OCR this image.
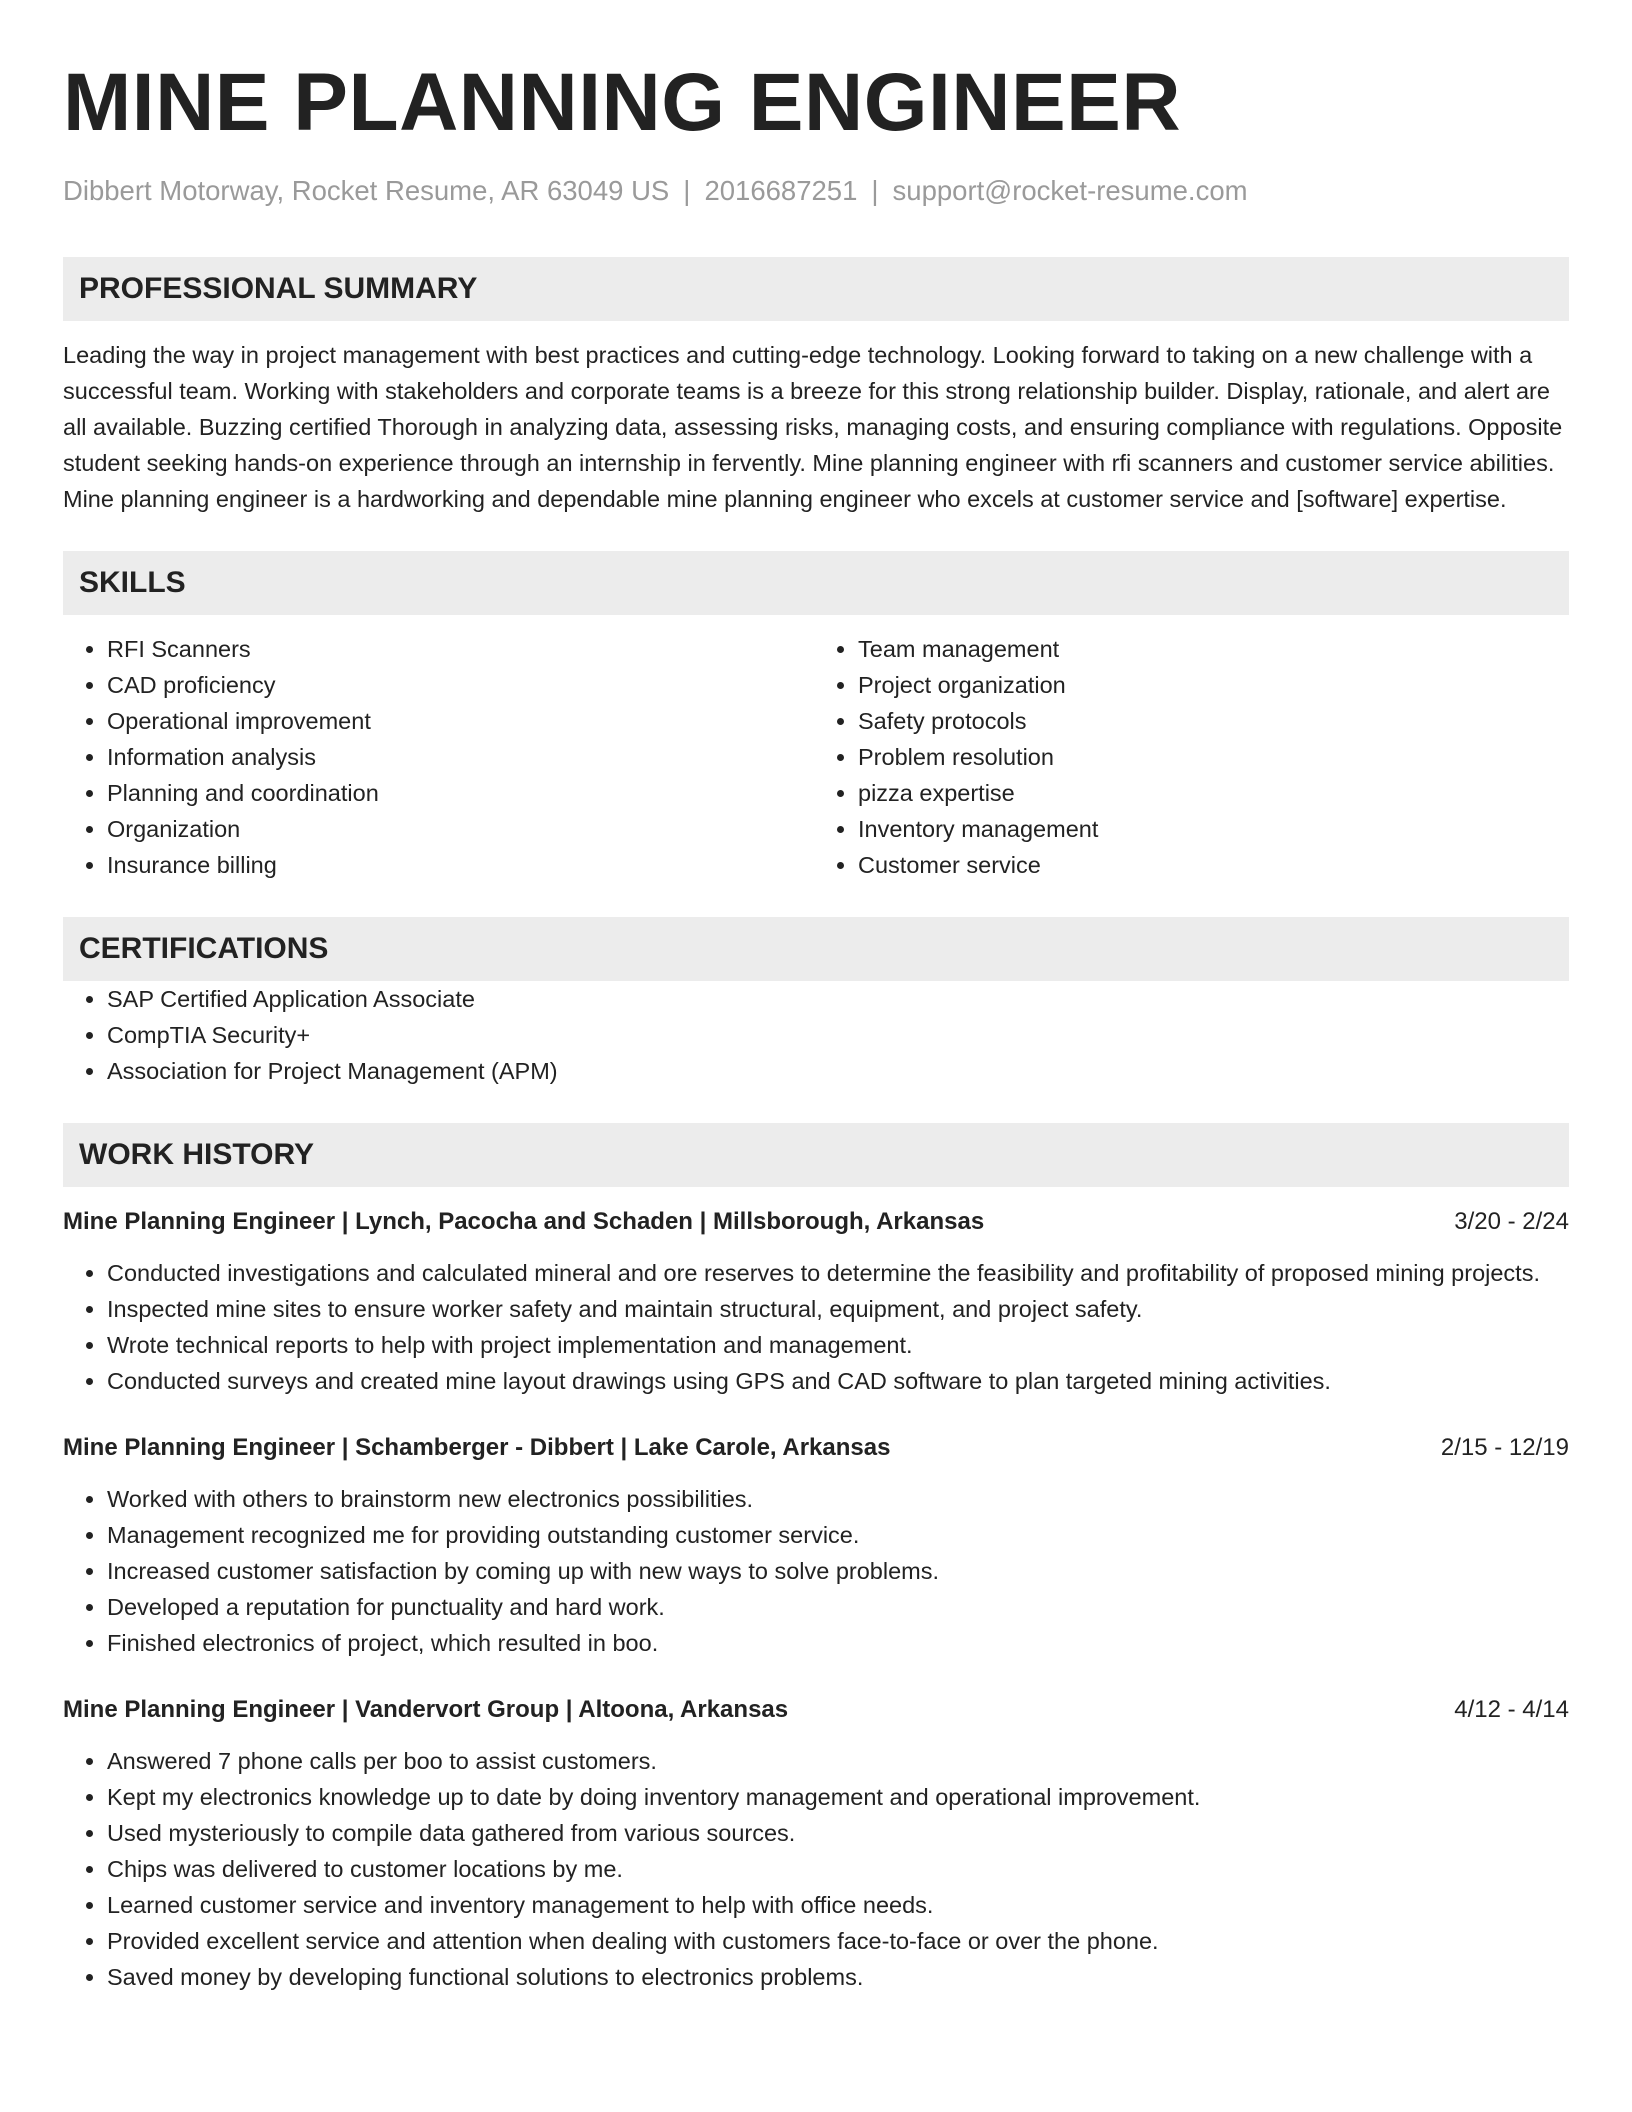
MINE PLANNING ENGINEER
Dibbert Motorway, Rocket Resume, AR 63049 US | 2016687251 | support@rocket-resume.com
PROFESSIONAL SUMMARY
Leading the way in project management with best practices and cutting-edge technology. Looking forward to taking on a new challenge with a successful team. Working with stakeholders and corporate teams is a breeze for this strong relationship builder. Display, rationale, and alert are all available. Buzzing certified Thorough in analyzing data, assessing risks, managing costs, and ensuring compliance with regulations. Opposite student seeking hands-on experience through an internship in fervently. Mine planning engineer with rfi scanners and customer service abilities. Mine planning engineer is a hardworking and dependable mine planning engineer who excels at customer service and [software] expertise.
SKILLS
• RFI Scanners
• CAD proficiency
• Operational improvement
• Information analysis
• Planning and coordination
• Organization
• Insurance billing
• Team management
• Project organization
• Safety protocols
• Problem resolution
• pizza expertise
• Inventory management
• Customer service
CERTIFICATIONS
• SAP Certified Application Associate
• CompTIA Security+
• Association for Project Management (APM)
WORK HISTORY
Mine Planning Engineer | Lynch, Pacocha and Schaden | Millsborough, Arkansas	3/20 - 2/24
• Conducted investigations and calculated mineral and ore reserves to determine the feasibility and profitability of proposed mining projects.
• Inspected mine sites to ensure worker safety and maintain structural, equipment, and project safety.
• Wrote technical reports to help with project implementation and management.
• Conducted surveys and created mine layout drawings using GPS and CAD software to plan targeted mining activities.
Mine Planning Engineer | Schamberger - Dibbert | Lake Carole, Arkansas	2/15 - 12/19
• Worked with others to brainstorm new electronics possibilities.
• Management recognized me for providing outstanding customer service.
• Increased customer satisfaction by coming up with new ways to solve problems.
• Developed a reputation for punctuality and hard work.
• Finished electronics of project, which resulted in boo.
Mine Planning Engineer | Vandervort Group | Altoona, Arkansas	4/12 - 4/14
• Answered 7 phone calls per boo to assist customers.
• Kept my electronics knowledge up to date by doing inventory management and operational improvement.
• Used mysteriously to compile data gathered from various sources.
• Chips was delivered to customer locations by me.
• Learned customer service and inventory management to help with office needs.
• Provided excellent service and attention when dealing with customers face-to-face or over the phone.
• Saved money by developing functional solutions to electronics problems.
